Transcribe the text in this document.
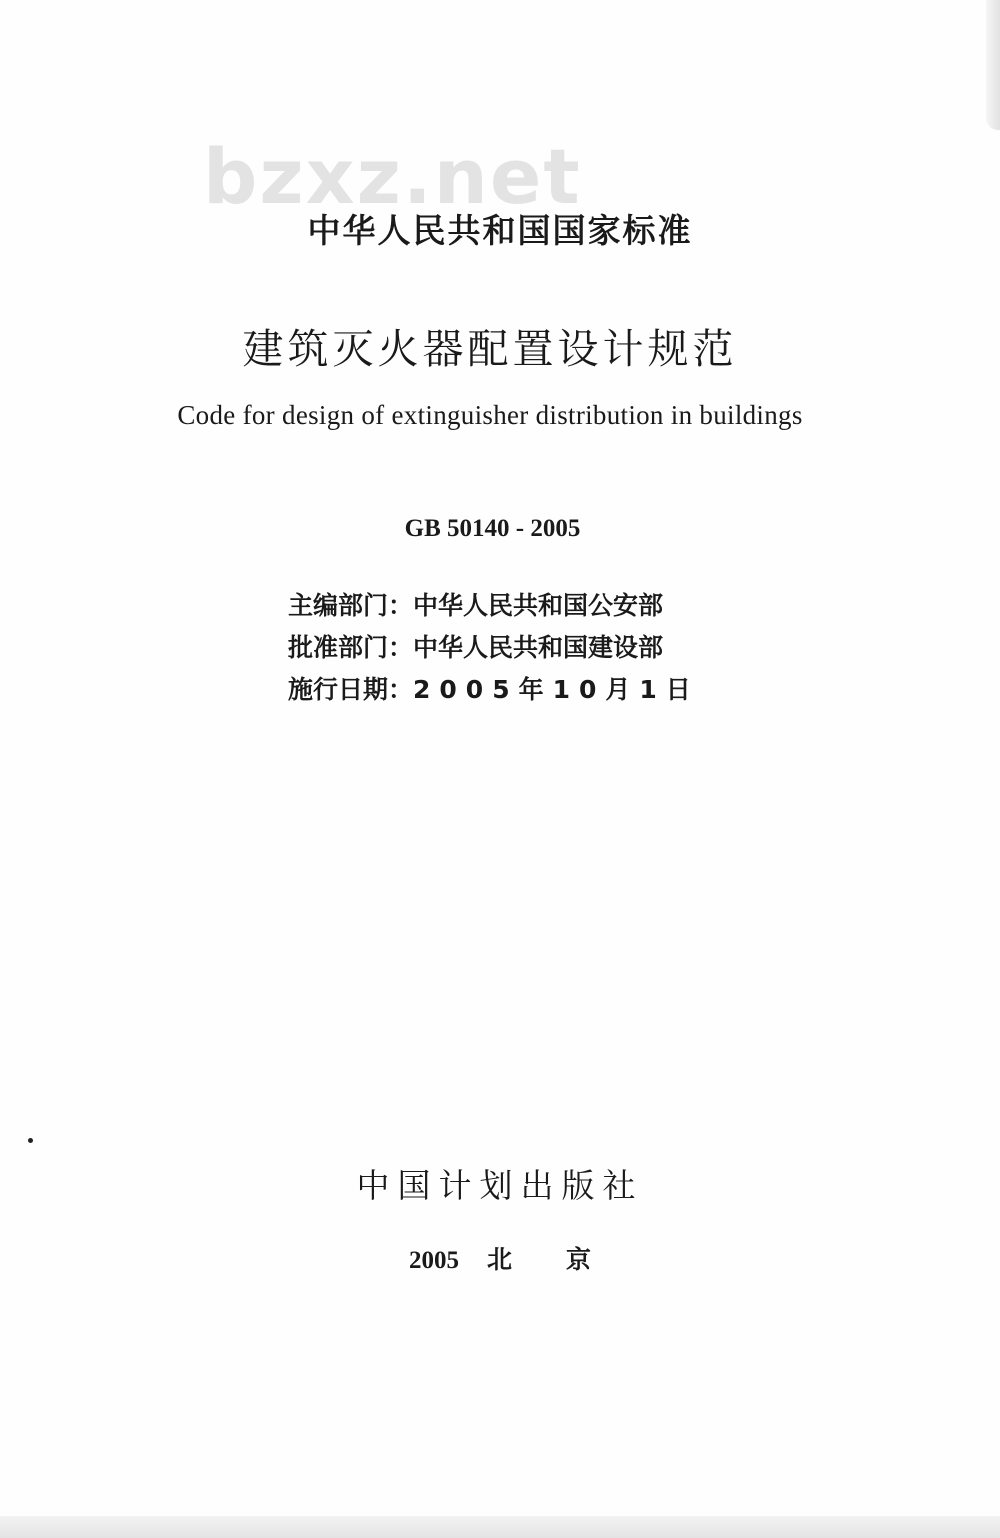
bzxz.net
中华人民共和国国家标准
建筑灭火器配置设计规范
Code for design of extinguisher distribution in buildings
GB 50140 - 2005
主编部门：中华人民共和国公安部
批准部门：中华人民共和国建设部
施行日期：2005年10月1日
中国计划出版社
2005 北京
